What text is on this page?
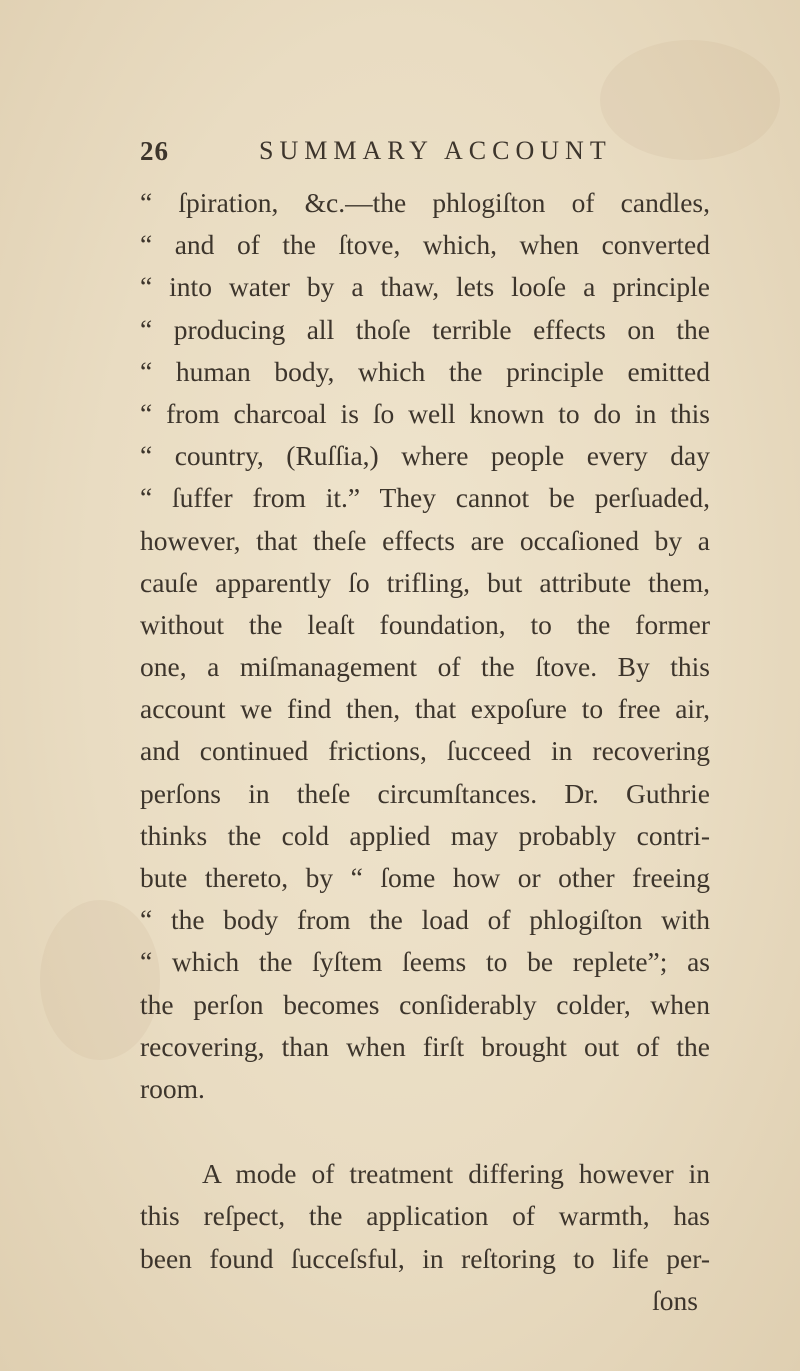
26	SUMMARY ACCOUNT
“ ſpiration, &c.—the phlogiſton of candles,
“ and of the ſtove, which, when converted
“ into water by a thaw, lets looſe a principle
“ producing all thoſe terrible effects on the
“ human body, which the principle emitted
“ from charcoal is ſo well known to do in this
“ country, (Ruſſia,) where people every day
“ ſuffer from it.” They cannot be perſuaded,
however, that theſe effects are occaſioned by a
cauſe apparently ſo trifling, but attribute them,
without the leaſt foundation, to the former
one, a miſmanagement of the ſtove. By this
account we find then, that expoſure to free air,
and continued frictions, ſucceed in recovering
perſons in theſe circumſtances. Dr. Guthrie
thinks the cold applied may probably contri-
bute thereto, by “ ſome how or other freeing
“ the body from the load of phlogiſton with
“ which the ſyſtem ſeems to be replete”; as
the perſon becomes conſiderably colder, when
recovering, than when firſt brought out of the
room.
A mode of treatment differing however in
this reſpect, the application of warmth, has
been found ſucceſsful, in reſtoring to life per-
ſons
